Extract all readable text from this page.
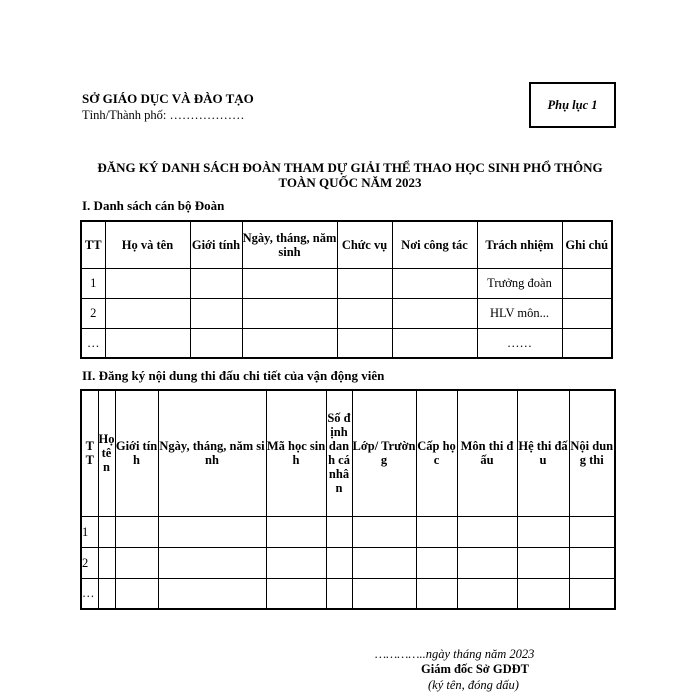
SỞ GIÁO DỤC VÀ ĐÀO TẠO
Tỉnh/Thành phố: ………………
Phụ lục 1
ĐĂNG KÝ DANH SÁCH ĐOÀN THAM DỰ GIẢI THỂ THAO HỌC SINH PHỔ THÔNG
TOÀN QUỐC NĂM 2023
I. Danh sách cán bộ Đoàn
TT	Họ và tên	Giới tính	Ngày, tháng, năm sinh	Chức vụ	Nơi công tác	Trách nhiệm	Ghi chú
1						Trưởng đoàn	
2						HLV môn...	
…						……	
II. Đăng ký nội dung thi đấu chi tiết của vận động viên
TT	Họ tên	Giới tính	Ngày, tháng, năm sinh	Mã học sinh	Số định danh cá nhân	Lớp/ Trường	Cấp học	Môn thi đấu	Hệ thi đấu	Nội dung thi
1										
2										
…										
…………..ngày tháng năm 2023
Giám đốc Sở GDĐT
(ký tên, đóng dấu)
